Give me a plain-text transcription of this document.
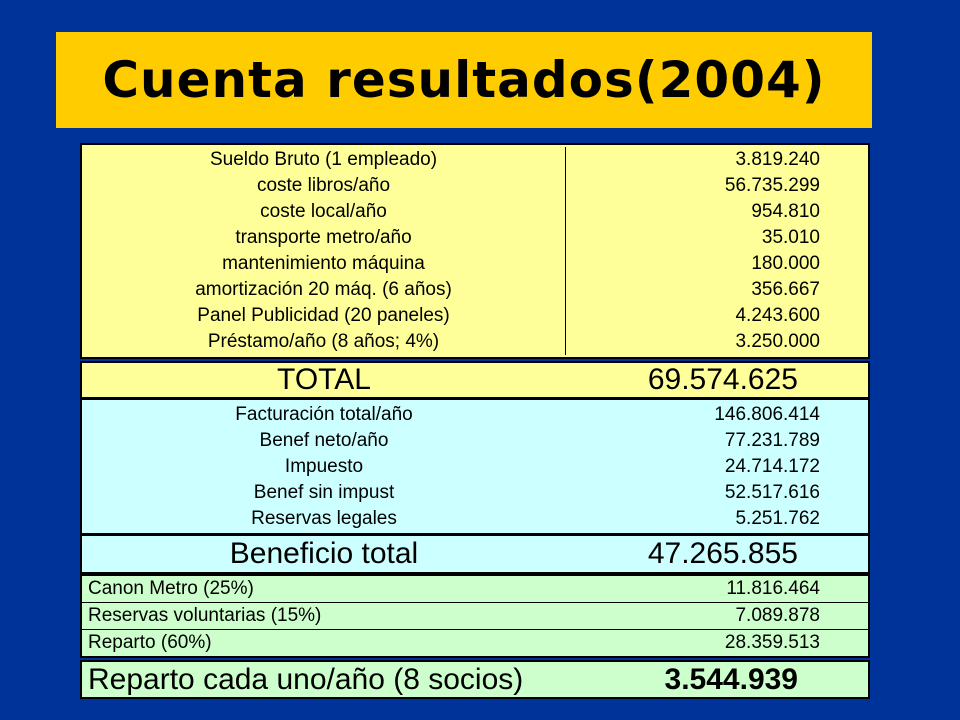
Cuenta resultados(2004)
Sueldo Bruto (1 empleado)	3.819.240
coste libros/año	56.735.299
coste local/año	954.810
transporte metro/año	35.010
mantenimiento máquina	180.000
amortización 20 máq. (6 años)	356.667
Panel Publicidad (20 paneles)	4.243.600
Préstamo/año (8 años; 4%)	3.250.000
TOTAL	69.574.625
Facturación total/año	146.806.414
Benef neto/año	77.231.789
Impuesto	24.714.172
Benef sin impust	52.517.616
Reservas legales	5.251.762
Beneficio total	47.265.855
Canon Metro (25%)	11.816.464
Reservas voluntarias (15%)	7.089.878
Reparto (60%)	28.359.513
Reparto cada uno/año (8 socios)	3.544.939
